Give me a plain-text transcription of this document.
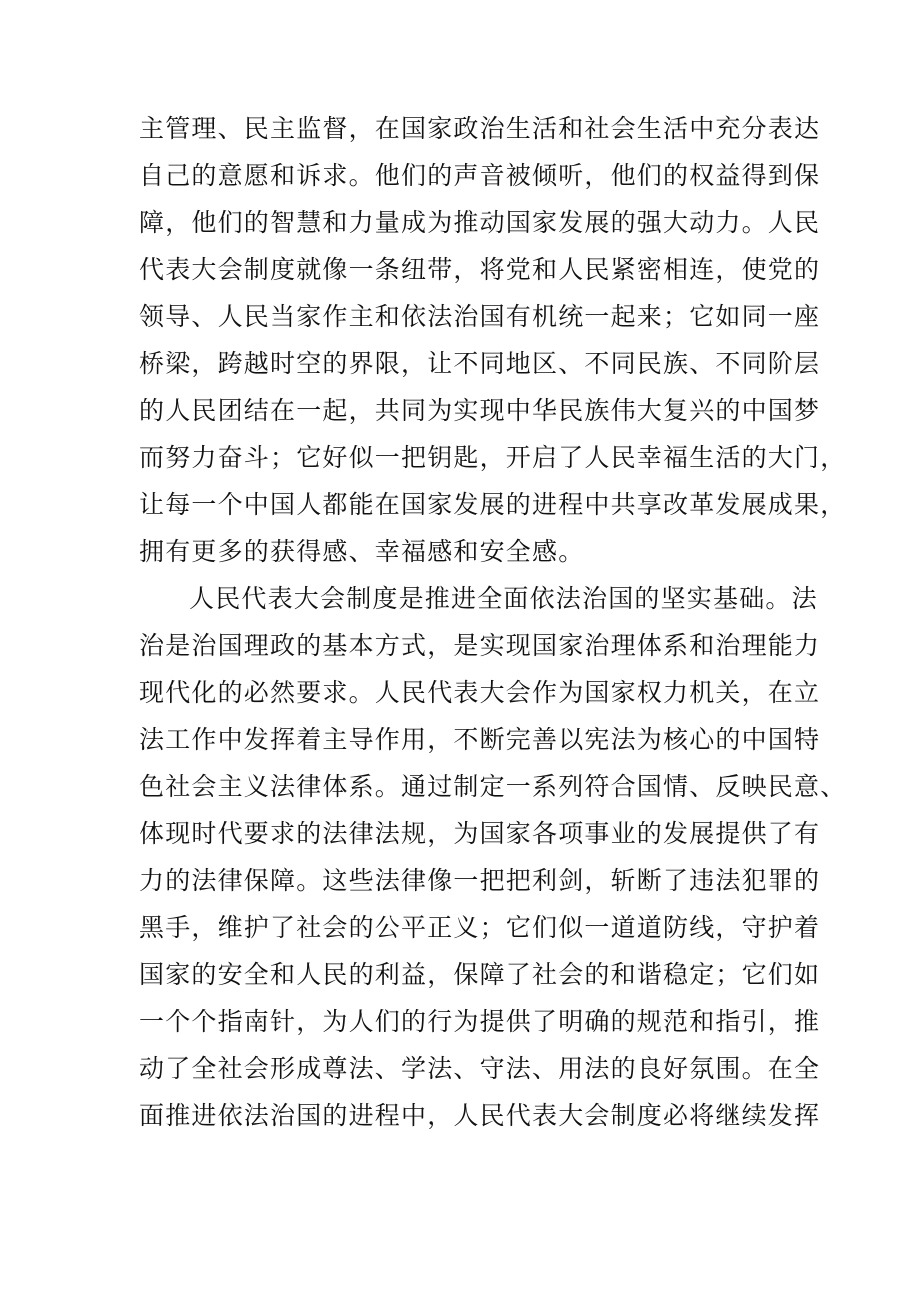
主管理、民主监督，在国家政治生活和社会生活中充分表达
自己的意愿和诉求。他们的声音被倾听，他们的权益得到保
障，他们的智慧和力量成为推动国家发展的强大动力。人民
代表大会制度就像一条纽带，将党和人民紧密相连，使党的
领导、人民当家作主和依法治国有机统一起来；它如同一座
桥梁，跨越时空的界限，让不同地区、不同民族、不同阶层
的人民团结在一起，共同为实现中华民族伟大复兴的中国梦
而努力奋斗；它好似一把钥匙，开启了人民幸福生活的大门，
让每一个中国人都能在国家发展的进程中共享改革发展成果，
拥有更多的获得感、幸福感和安全感。
人民代表大会制度是推进全面依法治国的坚实基础。法
治是治国理政的基本方式，是实现国家治理体系和治理能力
现代化的必然要求。人民代表大会作为国家权力机关，在立
法工作中发挥着主导作用，不断完善以宪法为核心的中国特
色社会主义法律体系。通过制定一系列符合国情、反映民意、
体现时代要求的法律法规，为国家各项事业的发展提供了有
力的法律保障。这些法律像一把把利剑，斩断了违法犯罪的
黑手，维护了社会的公平正义；它们似一道道防线，守护着
国家的安全和人民的利益，保障了社会的和谐稳定；它们如
一个个指南针，为人们的行为提供了明确的规范和指引，推
动了全社会形成尊法、学法、守法、用法的良好氛围。在全
面推进依法治国的进程中，人民代表大会制度必将继续发挥
